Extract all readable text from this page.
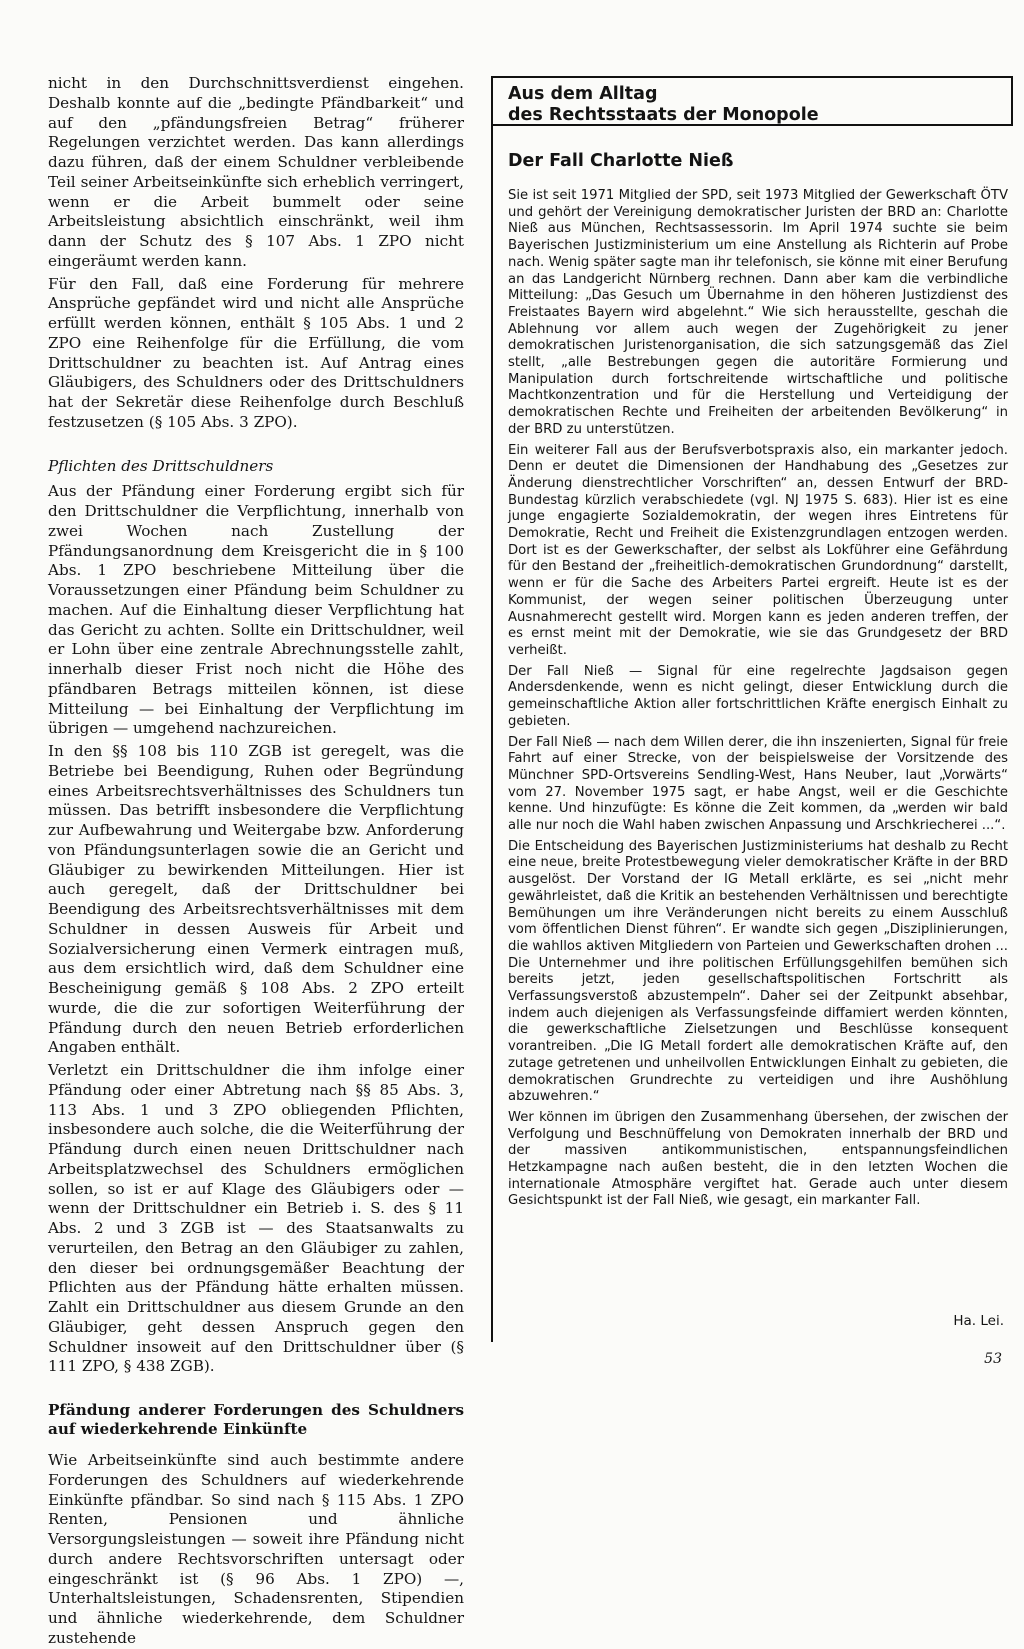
nicht in den Durchschnittsverdienst eingehen. Deshalb konnte auf die „bedingte Pfändbarkeit“ und auf den „pfändungsfreien Betrag“ früherer Regelungen verzichtet werden. Das kann allerdings dazu führen, daß der einem Schuldner verbleibende Teil seiner Arbeitseinkünfte sich erheblich verringert, wenn er die Arbeit bummelt oder seine Arbeitsleistung absichtlich einschränkt, weil ihm dann der Schutz des § 107 Abs. 1 ZPO nicht eingeräumt werden kann.

Für den Fall, daß eine Forderung für mehrere Ansprüche gepfändet wird und nicht alle Ansprüche erfüllt werden können, enthält § 105 Abs. 1 und 2 ZPO eine Reihenfolge für die Erfüllung, die vom Drittschuldner zu beachten ist. Auf Antrag eines Gläubigers, des Schuldners oder des Drittschuldners hat der Sekretär diese Reihenfolge durch Beschluß festzusetzen (§ 105 Abs. 3 ZPO).

Pflichten des Drittschuldners

Aus der Pfändung einer Forderung ergibt sich für den Drittschuldner die Verpflichtung, innerhalb von zwei Wochen nach Zustellung der Pfändungsanordnung dem Kreisgericht die in § 100 Abs. 1 ZPO beschriebene Mitteilung über die Voraussetzungen einer Pfändung beim Schuldner zu machen. Auf die Einhaltung dieser Verpflichtung hat das Gericht zu achten. Sollte ein Drittschuldner, weil er Lohn über eine zentrale Abrechnungsstelle zahlt, innerhalb dieser Frist noch nicht die Höhe des pfändbaren Betrags mitteilen können, ist diese Mitteilung — bei Einhaltung der Verpflichtung im übrigen — umgehend nachzureichen.

In den §§ 108 bis 110 ZGB ist geregelt, was die Betriebe bei Beendigung, Ruhen oder Begründung eines Arbeitsrechtsverhältnisses des Schuldners tun müssen. Das betrifft insbesondere die Verpflichtung zur Aufbewahrung und Weitergabe bzw. Anforderung von Pfändungsunterlagen sowie die an Gericht und Gläubiger zu bewirkenden Mitteilungen. Hier ist auch geregelt, daß der Drittschuldner bei Beendigung des Arbeitsrechtsverhältnisses mit dem Schuldner in dessen Ausweis für Arbeit und Sozialversicherung einen Vermerk eintragen muß, aus dem ersichtlich wird, daß dem Schuldner eine Bescheinigung gemäß § 108 Abs. 2 ZPO erteilt wurde, die die zur sofortigen Weiterführung der Pfändung durch den neuen Betrieb erforderlichen Angaben enthält.

Verletzt ein Drittschuldner die ihm infolge einer Pfändung oder einer Abtretung nach §§ 85 Abs. 3, 113 Abs. 1 und 3 ZPO obliegenden Pflichten, insbesondere auch solche, die die Weiterführung der Pfändung durch einen neuen Drittschuldner nach Arbeitsplatzwechsel des Schuldners ermöglichen sollen, so ist er auf Klage des Gläubigers oder — wenn der Drittschuldner ein Betrieb i. S. des § 11 Abs. 2 und 3 ZGB ist — des Staatsanwalts zu verurteilen, den Betrag an den Gläubiger zu zahlen, den dieser bei ordnungsgemäßer Beachtung der Pflichten aus der Pfändung hätte erhalten müssen. Zahlt ein Drittschuldner aus diesem Grunde an den Gläubiger, geht dessen Anspruch gegen den Schuldner insoweit auf den Drittschuldner über (§ 111 ZPO, § 438 ZGB).

Pfändung anderer Forderungen des Schuldners auf wiederkehrende Einkünfte

Wie Arbeitseinkünfte sind auch bestimmte andere Forderungen des Schuldners auf wiederkehrende Einkünfte pfändbar. So sind nach § 115 Abs. 1 ZPO Renten, Pensionen und ähnliche Versorgungsleistungen — soweit ihre Pfändung nicht durch andere Rechtsvorschriften untersagt oder eingeschränkt ist (§ 96 Abs. 1 ZPO) —, Unterhaltsleistungen, Schadensrenten, Stipendien und ähnliche wiederkehrende, dem Schuldner zustehende

Aus dem Alltag
des Rechtsstaats der Monopole
Der Fall Charlotte Nieß

Sie ist seit 1971 Mitglied der SPD, seit 1973 Mitglied der Gewerkschaft ÖTV und gehört der Vereinigung demokratischer Juristen der BRD an: Charlotte Nieß aus München, Rechtsassessorin. Im April 1974 suchte sie beim Bayerischen Justizministerium um eine Anstellung als Richterin auf Probe nach. Wenig später sagte man ihr telefonisch, sie könne mit einer Berufung an das Landgericht Nürnberg rechnen. Dann aber kam die verbindliche Mitteilung: „Das Gesuch um Übernahme in den höheren Justizdienst des Freistaates Bayern wird abgelehnt.“ Wie sich herausstellte, geschah die Ablehnung vor allem auch wegen der Zugehörigkeit zu jener demokratischen Juristenorganisation, die sich satzungsgemäß das Ziel stellt, „alle Bestrebungen gegen die autoritäre Formierung und Manipulation durch fortschreitende wirtschaftliche und politische Machtkonzentration und für die Herstellung und Verteidigung der demokratischen Rechte und Freiheiten der arbeitenden Bevölkerung“ in der BRD zu unterstützen.

Ein weiterer Fall aus der Berufsverbotspraxis also, ein markanter jedoch. Denn er deutet die Dimensionen der Handhabung des „Gesetzes zur Änderung dienstrechtlicher Vorschriften“ an, dessen Entwurf der BRD-Bundestag kürzlich verabschiedete (vgl. NJ 1975 S. 683). Hier ist es eine junge engagierte Sozialdemokratin, der wegen ihres Eintretens für Demokratie, Recht und Freiheit die Existenzgrundlagen entzogen werden. Dort ist es der Gewerkschafter, der selbst als Lokführer eine Gefährdung für den Bestand der „freiheitlich-demokratischen Grundordnung“ darstellt, wenn er für die Sache des Arbeiters Partei ergreift. Heute ist es der Kommunist, der wegen seiner politischen Überzeugung unter Ausnahmerecht gestellt wird. Morgen kann es jeden anderen treffen, der es ernst meint mit der Demokratie, wie sie das Grundgesetz der BRD verheißt.

Der Fall Nieß — Signal für eine regelrechte Jagdsaison gegen Andersdenkende, wenn es nicht gelingt, dieser Entwicklung durch die gemeinschaftliche Aktion aller fortschrittlichen Kräfte energisch Einhalt zu gebieten.

Der Fall Nieß — nach dem Willen derer, die ihn inszenierten, Signal für freie Fahrt auf einer Strecke, von der beispielsweise der Vorsitzende des Münchner SPD-Ortsvereins Sendling-West, Hans Neuber, laut „Vorwärts“ vom 27. November 1975 sagt, er habe Angst, weil er die Geschichte kenne. Und hinzufügte: Es könne die Zeit kommen, da „werden wir bald alle nur noch die Wahl haben zwischen Anpassung und Arschkriecherei ...“.

Die Entscheidung des Bayerischen Justizministeriums hat deshalb zu Recht eine neue, breite Protestbewegung vieler demokratischer Kräfte in der BRD ausgelöst. Der Vorstand der IG Metall erklärte, es sei „nicht mehr gewährleistet, daß die Kritik an bestehenden Verhältnissen und berechtigte Bemühungen um ihre Veränderungen nicht bereits zu einem Ausschluß vom öffentlichen Dienst führen“. Er wandte sich gegen „Disziplinierungen, die wahllos aktiven Mitgliedern von Parteien und Gewerkschaften drohen ... Die Unternehmer und ihre politischen Erfüllungsgehilfen bemühen sich bereits jetzt, jeden gesellschaftspolitischen Fortschritt als Verfassungsverstoß abzustempeln“. Daher sei der Zeitpunkt absehbar, indem auch diejenigen als Verfassungsfeinde diffamiert werden könnten, die gewerkschaftliche Zielsetzungen und Beschlüsse konsequent vorantreiben. „Die IG Metall fordert alle demokratischen Kräfte auf, den zutage getretenen und unheilvollen Entwicklungen Einhalt zu gebieten, die demokratischen Grundrechte zu verteidigen und ihre Aushöhlung abzuwehren.“

Wer können im übrigen den Zusammenhang übersehen, der zwischen der Verfolgung und Beschnüffelung von Demokraten innerhalb der BRD und der massiven antikommunistischen, entspannungsfeindlichen Hetzkampagne nach außen besteht, die in den letzten Wochen die internationale Atmosphäre vergiftet hat. Gerade auch unter diesem Gesichtspunkt ist der Fall Nieß, wie gesagt, ein markanter Fall.

Ha. Lei.
53
